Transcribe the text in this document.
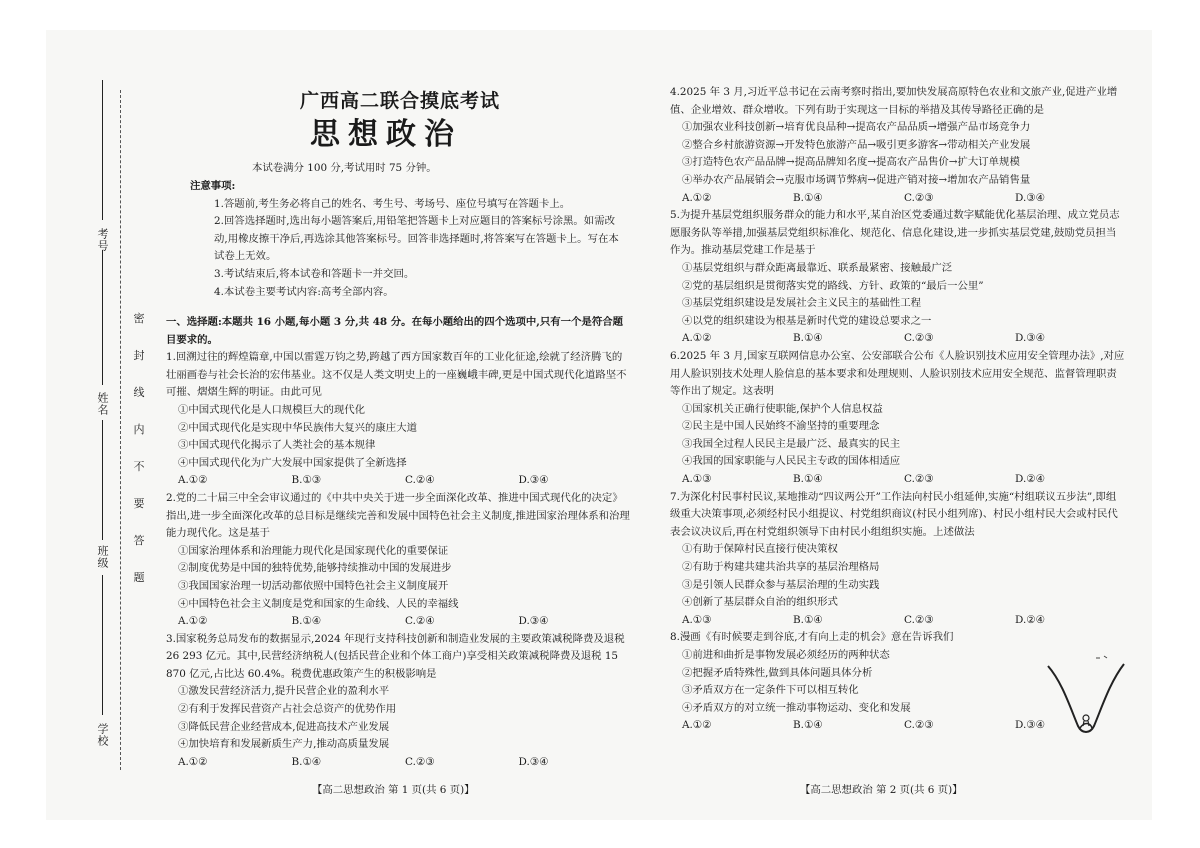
考号
姓名
班级
学校
密封线内不要答题
广西高二联合摸底考试
思想政治
本试卷满分 100 分,考试用时 75 分钟。

注意事项:

1.答题前,考生务必将自己的姓名、考生号、考场号、座位号填写在答题卡上。

2.回答选择题时,选出每小题答案后,用铅笔把答题卡上对应题目的答案标号涂黑。如需改动,用橡皮擦干净后,再选涂其他答案标号。回答非选择题时,将答案写在答题卡上。写在本试卷上无效。

3.考试结束后,将本试卷和答题卡一并交回。

4.本试卷主要考试内容:高考全部内容。

一、选择题:本题共 16 小题,每小题 3 分,共 48 分。在每小题给出的四个选项中,只有一个是符合题目要求的。

1.回溯过往的辉煌篇章,中国以雷霆万钧之势,跨越了西方国家数百年的工业化征途,绘就了经济腾飞的壮丽画卷与社会长治的宏伟基业。这不仅是人类文明史上的一座巍峨丰碑,更是中国式现代化道路坚不可摧、熠熠生辉的明证。由此可见

①中国式现代化是人口规模巨大的现代化

②中国式现代化是实现中华民族伟大复兴的康庄大道

③中国式现代化揭示了人类社会的基本规律

④中国式现代化为广大发展中国家提供了全新选择

A.①②	B.①③	C.②④	D.③④

2.党的二十届三中全会审议通过的《中共中央关于进一步全面深化改革、推进中国式现代化的决定》指出,进一步全面深化改革的总目标是继续完善和发展中国特色社会主义制度,推进国家治理体系和治理能力现代化。这是基于

①国家治理体系和治理能力现代化是国家现代化的重要保证

②制度优势是中国的独特优势,能够持续推动中国的发展进步

③我国国家治理一切活动都依照中国特色社会主义制度展开

④中国特色社会主义制度是党和国家的生命线、人民的幸福线

A.①②	B.①④	C.②④	D.③④

3.国家税务总局发布的数据显示,2024 年现行支持科技创新和制造业发展的主要政策减税降费及退税 26 293 亿元。其中,民营经济纳税人(包括民营企业和个体工商户)享受相关政策减税降费及退税 15 870 亿元,占比达 60.4%。税费优惠政策产生的积极影响是

①激发民营经济活力,提升民营企业的盈利水平

②有利于发挥民营资产占社会总资产的优势作用

③降低民营企业经营成本,促进高技术产业发展

④加快培育和发展新质生产力,推动高质量发展

A.①②	B.①④	C.②③	D.③④

4.2025 年 3 月,习近平总书记在云南考察时指出,要加快发展高原特色农业和文旅产业,促进产业增值、企业增效、群众增收。下列有助于实现这一目标的举措及其传导路径正确的是

①加强农业科技创新→培育优良品种→提高农产品品质→增强产品市场竞争力

②整合乡村旅游资源→开发特色旅游产品→吸引更多游客→带动相关产业发展

③打造特色农产品品牌→提高品牌知名度→提高农产品售价→扩大订单规模

④举办农产品展销会→克服市场调节弊病→促进产销对接→增加农产品销售量

A.①②	B.①④	C.②③	D.③④

5.为提升基层党组织服务群众的能力和水平,某自治区党委通过数字赋能优化基层治理、成立党员志愿服务队等举措,加强基层党组织标准化、规范化、信息化建设,进一步抓实基层党建,鼓励党员担当作为。推动基层党建工作是基于

①基层党组织与群众距离最靠近、联系最紧密、接触最广泛

②党的基层组织是贯彻落实党的路线、方针、政策的“最后一公里”

③基层党组织建设是发展社会主义民主的基础性工程

④以党的组织建设为根基是新时代党的建设总要求之一

A.①②	B.①④	C.②③	D.③④

6.2025 年 3 月,国家互联网信息办公室、公安部联合公布《人脸识别技术应用安全管理办法》,对应用人脸识别技术处理人脸信息的基本要求和处理规则、人脸识别技术应用安全规范、监督管理职责等作出了规定。这表明

①国家机关正确行使职能,保护个人信息权益

②民主是中国人民始终不渝坚持的重要理念

③我国全过程人民民主是最广泛、最真实的民主

④我国的国家职能与人民民主专政的国体相适应

A.①③	B.①④	C.②③	D.②④

7.为深化村民事村民议,某地推动“四议两公开”工作法向村民小组延伸,实施“村组联议五步法”,即组级重大决策事项,必须经村民小组提议、村党组织商议(村民小组列席)、村民小组村民大会或村民代表会议决议后,再在村党组织领导下由村民小组组织实施。上述做法

①有助于保障村民直接行使决策权

②有助于构建共建共治共享的基层治理格局

③是引领人民群众参与基层治理的生动实践

④创新了基层群众自治的组织形式

A.①③	B.①④	C.②③	D.②④

8.漫画《有时候要走到谷底,才有向上走的机会》意在告诉我们

①前进和曲折是事物发展必须经历的两种状态

②把握矛盾特殊性,做到具体问题具体分析

③矛盾双方在一定条件下可以相互转化

④矛盾双方的对立统一推动事物运动、变化和发展

A.①②	B.①④	C.②③	D.③④
【高二思想政治 第 1 页(共 6 页)】	【高二思想政治 第 2 页(共 6 页)】
